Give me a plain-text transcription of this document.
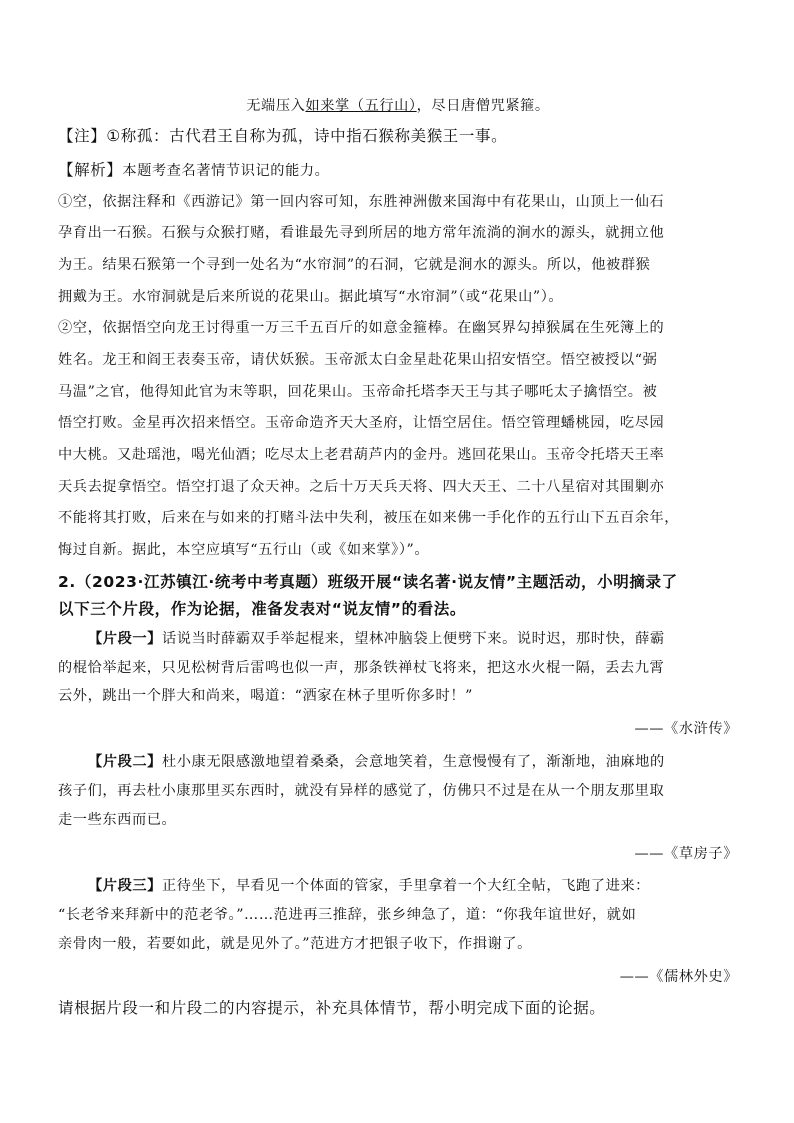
无端压入如来掌（五行山），尽日唐僧咒紧箍。
【注】①称孤：古代君王自称为孤，诗中指石猴称美猴王一事。
【解析】本题考查名著情节识记的能力。
①空，依据注释和《西游记》第一回内容可知，东胜神洲傲来国海中有花果山，山顶上一仙石
孕育出一石猴。石猴与众猴打赌，看谁最先寻到所居的地方常年流淌的涧水的源头，就拥立他
为王。结果石猴第一个寻到一处名为“水帘洞”的石洞，它就是涧水的源头。所以，他被群猴
拥戴为王。水帘洞就是后来所说的花果山。据此填写“水帘洞”（或“花果山”）。
②空，依据悟空向龙王讨得重一万三千五百斤的如意金箍棒。在幽冥界勾掉猴属在生死簿上的
姓名。龙王和阎王表奏玉帝，请伏妖猴。玉帝派太白金星赴花果山招安悟空。悟空被授以“弼
马温”之官，他得知此官为末等职，回花果山。玉帝命托塔李天王与其子哪吒太子擒悟空。被
悟空打败。金星再次招来悟空。玉帝命造齐天大圣府，让悟空居住。悟空管理蟠桃园，吃尽园
中大桃。又赴瑶池，喝光仙酒；吃尽太上老君葫芦内的金丹。逃回花果山。玉帝令托塔天王率
天兵去捉拿悟空。悟空打退了众天神。之后十万天兵天将、四大天王、二十八星宿对其围剿亦
不能将其打败，后来在与如来的打赌斗法中失利，被压在如来佛一手化作的五行山下五百余年，
悔过自新。据此，本空应填写“五行山（或《如来掌》）”。
2.（2023·江苏镇江·统考中考真题）班级开展“读名著·说友情”主题活动，小明摘录了
以下三个片段，作为论据，准备发表对“说友情”的看法。
【片段一】话说当时薛霸双手举起棍来，望林冲脑袋上便劈下来。说时迟，那时快，薛霸
的棍恰举起来，只见松树背后雷鸣也似一声，那条铁禅杖飞将来，把这水火棍一隔，丢去九霄
云外，跳出一个胖大和尚来，喝道：“洒家在林子里听你多时！”
——《水浒传》
【片段二】杜小康无限感激地望着桑桑，会意地笑着，生意慢慢有了，渐渐地，油麻地的
孩子们，再去杜小康那里买东西时，就没有异样的感觉了，仿佛只不过是在从一个朋友那里取
走一些东西而已。
——《草房子》
【片段三】正待坐下，早看见一个体面的管家，手里拿着一个大红全帖，飞跑了进来：
“长老爷来拜新中的范老爷。”……范进再三推辞，张乡绅急了，道：“你我年谊世好，就如
亲骨肉一般，若要如此，就是见外了。”范进方才把银子收下，作揖谢了。
——《儒林外史》
请根据片段一和片段二的内容提示，补充具体情节，帮小明完成下面的论据。
